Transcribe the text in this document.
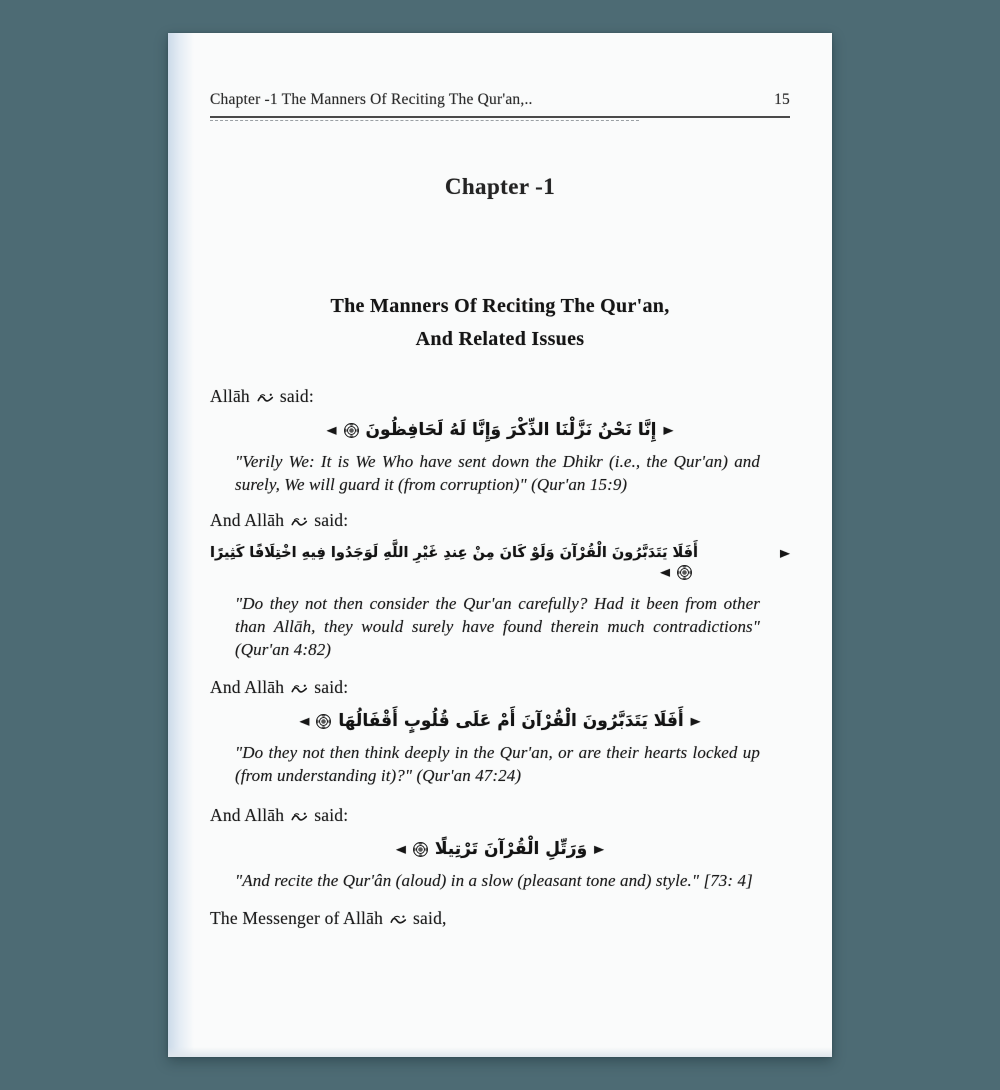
Chapter -1 The Manners Of Reciting The Qur'an,..	15
Chapter -1
The Manners Of Reciting The Qur'an,
And Related Issues
Allāh said:
◄ إِنَّا نَحْنُ نَزَّلْنَا الذِّكْرَ وَإِنَّا لَهُ لَحَافِظُونَ ►
"Verily We: It is We Who have sent down the Dhikr (i.e., the Qur'an) and surely, We will guard it (from corruption)" (Qur'an 15:9)
And Allāh said:
أَفَلَا يَتَدَبَّرُونَ الْقُرْآنَ وَلَوْ كَانَ مِنْ عِندِ غَيْرِ اللَّهِ لَوَجَدُوا فِيهِ اخْتِلَافًا كَثِيرًا	►
◄
"Do they not then consider the Qur'an carefully? Had it been from other than Allāh, they would surely have found therein much contradictions" (Qur'an 4:82)
And Allāh said:
◄ أَفَلَا يَتَدَبَّرُونَ الْقُرْآنَ أَمْ عَلَى قُلُوبٍ أَقْفَالُهَا ►
"Do they not then think deeply in the Qur'an, or are their hearts locked up (from understanding it)?" (Qur'an 47:24)
And Allāh said:
◄ وَرَتِّلِ الْقُرْآنَ تَرْتِيلًا ►
"And recite the Qur'ân (aloud) in a slow (pleasant tone and) style." [73: 4]
The Messenger of Allāh said,
